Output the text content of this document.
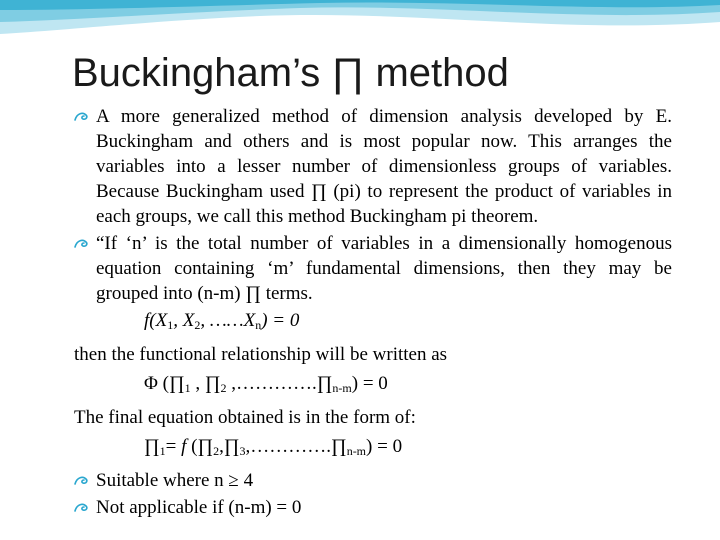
Buckingham’s ∏ method

A more generalized method of dimension analysis developed by E. Buckingham and others and is most popular now. This arranges the variables into a lesser number of dimensionless groups of variables. Because Buckingham used ∏ (pi) to represent the product of variables in each groups, we call this method Buckingham pi theorem.

“If ‘n’ is the total number of variables in a dimensionally homogenous equation containing ‘m’ fundamental dimensions, then they may be grouped into (n-m) ∏ terms.

$f(X_1$, $X_2$, $\dots\dots X_n) = 0$
then the functional relationship will be written as
Φ ($\prod_1$ , $\prod_2$ $,\dots\dots\dots\dots.\prod_{n-m}) = 0$
The final equation obtained is in the form of:
$\prod_1= f$ $(\prod_2,\prod_3,\dots\dots\dots\dots.\prod_{n-m}) = 0$

Suitable where n ≥ 4

Not applicable if (n-m) = 0
